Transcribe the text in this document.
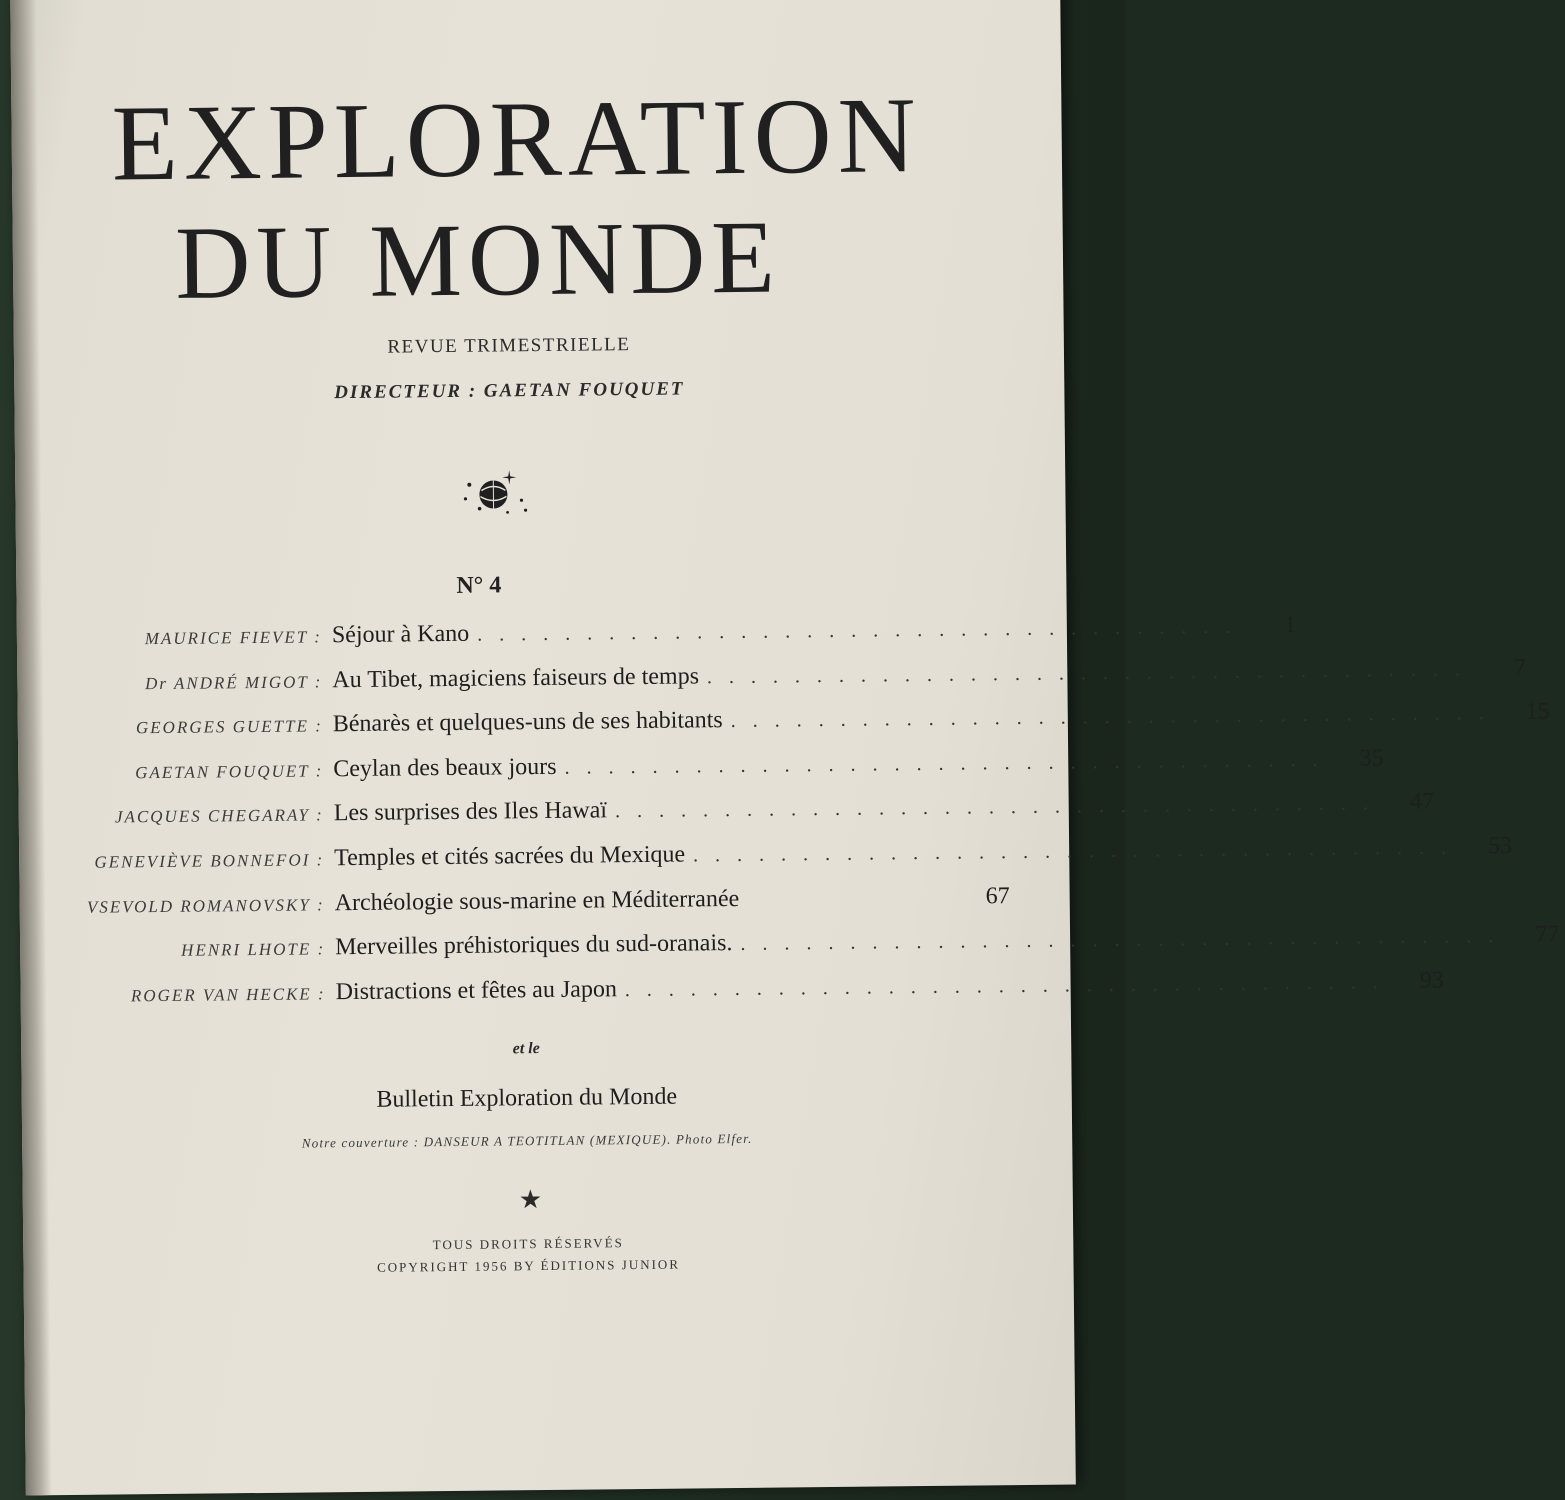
EXPLORATION
DU MONDE
REVUE TRIMESTRIELLE
DIRECTEUR : GAETAN FOUQUET
N° 4
MAURICE FIEVET : Séjour à Kano . . . . . . . . . . . . . . . . . . . . . . . . . . . . . . . . . . .	1
Dr ANDRÉ MIGOT : Au Tibet, magiciens faiseurs de temps . . . . . . . . . . . . . . . . . . . . . . . . . . . . . . . . . . .	7
GEORGES GUETTE : Bénarès et quelques-uns de ses habitants . . . . . . . . . . . . . . . . . . . . . . . . . . . . . . . . . . .	15
GAETAN FOUQUET : Ceylan des beaux jours . . . . . . . . . . . . . . . . . . . . . . . . . . . . . . . . . . .	35
JACQUES CHEGARAY : Les surprises des Iles Hawaï . . . . . . . . . . . . . . . . . . . . . . . . . . . . . . . . . . .	47
GENEVIÈVE BONNEFOI : Temples et cités sacrées du Mexique . . . . . . . . . . . . . . . . . . . . . . . . . . . . . . . . . . .	53
VSEVOLD ROMANOVSKY : Archéologie sous-marine en Méditerranée	67
HENRI LHOTE : Merveilles préhistoriques du sud-oranais. . . . . . . . . . . . . . . . . . . . . . . . . . . . . . . . . . . .	77
ROGER VAN HECKE : Distractions et fêtes au Japon . . . . . . . . . . . . . . . . . . . . . . . . . . . . . . . . . . .	93
et le
Bulletin Exploration du Monde
Notre couverture : DANSEUR A TEOTITLAN (MEXIQUE). Photo Elfer.
★
TOUS DROITS RÉSERVÉS
COPYRIGHT 1956 BY ÉDITIONS JUNIOR
